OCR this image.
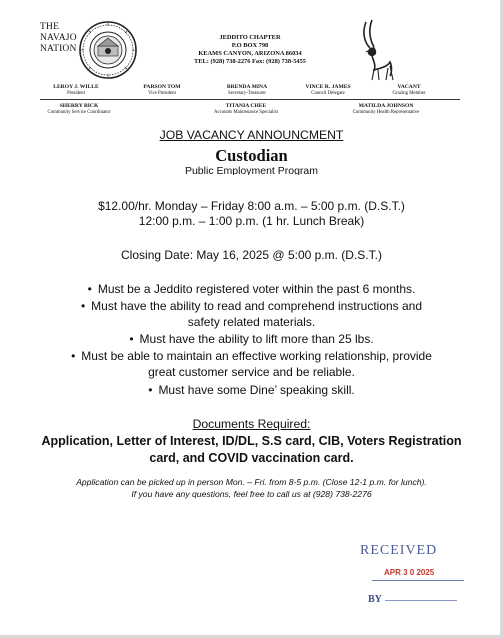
THE
NAVAJO
NATION
JEDDITO CHAPTER
P.O BOX 798
KEAMS CANYON, ARIZONA 86034
TEL: (928) 738-2276 Fax: (928) 738-5455
LEROY J. WILLE
President
PARSON TOM
Vice President
BRENDA MINA
Secretary-Treasurer
VINCE R. JAMES
Council Delegate
VACANT
Grazing Member
SHERRY BICK
Community Service Coordinator
TITANIA CHEE
Accounts Maintenance Specialist
MATILDA JOHNSON
Community Health Representative
JOB VACANCY ANNOUNCMENT
Custodian
Public Employment Program
$12.00/hr. Monday – Friday 8:00 a.m. – 5:00 p.m. (D.S.T.)
12:00 p.m. – 1:00 p.m. (1 hr. Lunch Break)
Closing Date: May 16, 2025 @ 5:00 p.m. (D.S.T.)
• Must be a Jeddito registered voter within the past 6 months.
• Must have the ability to read and comprehend instructions and
safety related materials.
• Must have the ability to lift more than 25 lbs.
• Must be able to maintain an effective working relationship, provide
great customer service and be reliable.
• Must have some Dine’ speaking skill.
Documents Required:
Application, Letter of Interest, ID/DL, S.S card, CIB, Voters Registration
card, and COVID vaccination card.
Application can be picked up in person Mon. – Fri. from 8-5 p.m. (Close 12-1 p.m. for lunch).
If you have any questions, feel free to call us at (928) 738-2276
RECEIVED
APR 3 0 2025
BY
